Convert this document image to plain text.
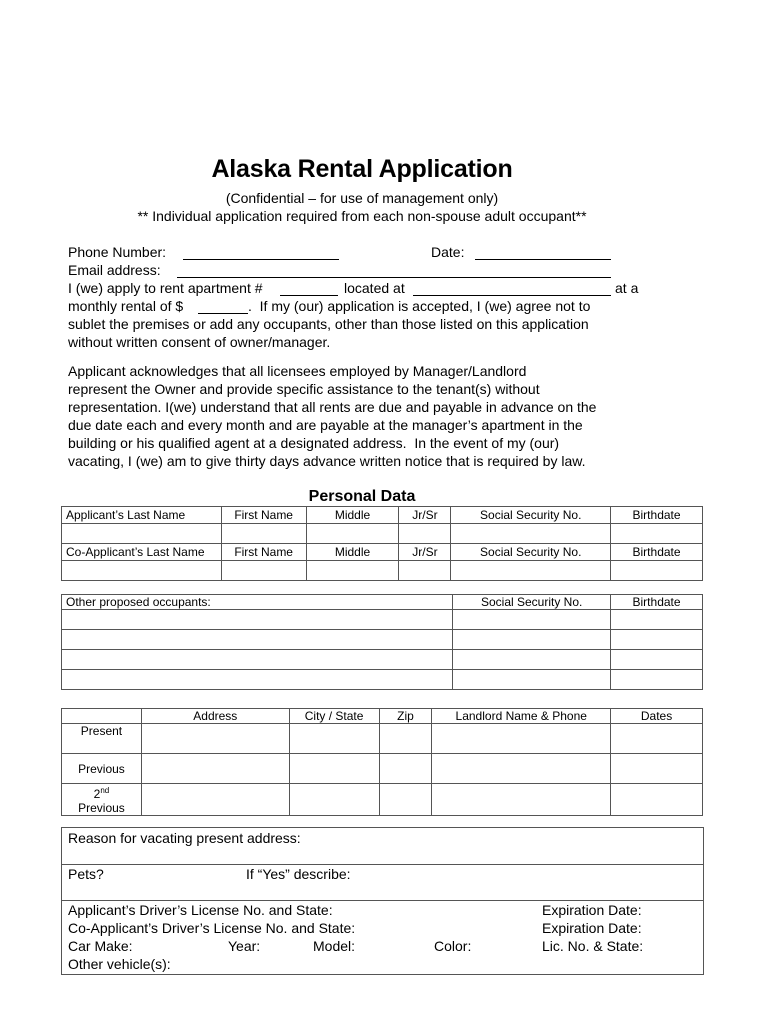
Alaska Rental Application
(Confidential – for use of management only)
** Individual application required from each non-spouse adult occupant**
Phone Number:	Date:
Email address:
I (we) apply to rent apartment #	located at	at a
monthly rental of $	.  If my (our) application is accepted, I (we) agree not to
sublet the premises or add any occupants, other than those listed on this application
without written consent of owner/manager.
Applicant acknowledges that all licensees employed by Manager/Landlord
represent the Owner and provide specific assistance to the tenant(s) without
representation. I(we) understand that all rents are due and payable in advance on the
due date each and every month and are payable at the manager’s apartment in the
building or his qualified agent at a designated address.  In the event of my (our)
vacating, I (we) am to give thirty days advance written notice that is required by law.
Personal Data
Applicant’s Last Name	First Name	Middle	Jr/Sr	Social Security No.	Birthdate

Co-Applicant’s Last Name	First Name	Middle	Jr/Sr	Social Security No.	Birthdate

Other proposed occupants:	Social Security No.	Birthdate

	Address	City / State	Zip	Landlord Name & Phone	Dates
Present					
Previous					
2nd
Previous					
Reason for vacating present address:
Pets?	If “Yes” describe:
Applicant’s Driver’s License No. and State:	Expiration Date:
Co-Applicant’s Driver’s License No. and State:	Expiration Date:
Car Make:	Year:	Model:	Color:	Lic. No. & State:
Other vehicle(s):
